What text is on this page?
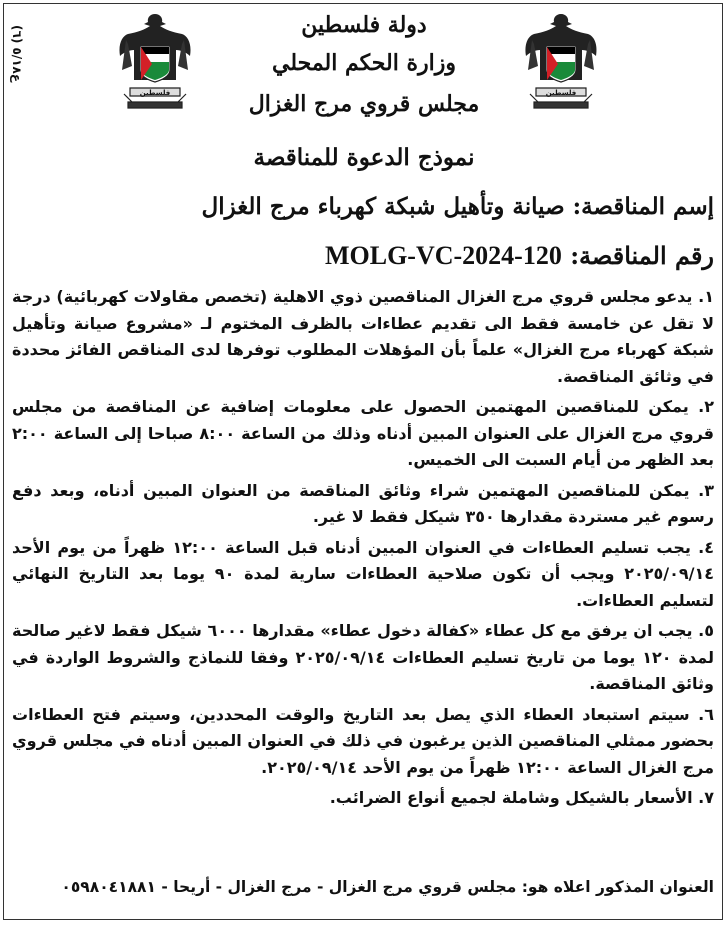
ع٥/١٨ (٦)
فلسطين	فلسطين
دولة فلسطين
وزارة الحكم المحلي
مجلس قروي مرج الغزال
نموذج الدعوة للمناقصة
إسم المناقصة: صيانة وتأهيل شبكة كهرباء مرج الغزال
رقم المناقصة: MOLG-VC-2024-120
١. يدعو مجلس قروي مرج الغزال المناقصين ذوي الاهلية (تخصص مقاولات كهربائية) درجة لا تقل عن خامسة فقط الى تقديم عطاءات بالظرف المختوم لـ «مشروع صيانة وتأهيل شبكة كهرباء مرج الغزال» علماً بأن المؤهلات المطلوب توفرها لدى المناقص الفائز محددة في وثائق المناقصة.
٢. يمكن للمناقصين المهتمين الحصول على معلومات إضافية عن المناقصة من مجلس قروي مرج الغزال على العنوان المبين أدناه وذلك من الساعة ٨:٠٠ صباحا إلى الساعة ٢:٠٠ بعد الظهر من أيام السبت الى الخميس.
٣. يمكن للمناقصين المهتمين شراء وثائق المناقصة من العنوان المبين أدناه، وبعد دفع رسوم غير مستردة مقدارها ٣٥٠ شيكل فقط لا غير.
٤. يجب تسليم العطاءات في العنوان المبين أدناه قبل الساعة ١٢:٠٠ ظهراً من يوم الأحد ٢٠٢٥/٠٩/١٤ ويجب أن تكون صلاحية العطاءات سارية لمدة ٩٠ يوما بعد التاريخ النهائي لتسليم العطاءات.
٥. يجب ان يرفق مع كل عطاء «كفالة دخول عطاء» مقدارها ٦٠٠٠ شيكل فقط لاغير صالحة لمدة ١٢٠ يوما من تاريخ تسليم العطاءات ٢٠٢٥/٠٩/١٤ وفقا للنماذج والشروط الواردة في وثائق المناقصة.
٦. سيتم استبعاد العطاء الذي يصل بعد التاريخ والوقت المحددين، وسيتم فتح العطاءات بحضور ممثلي المناقصين الذين يرغبون في ذلك في العنوان المبين أدناه في مجلس قروي مرج الغزال الساعة ١٢:٠٠ ظهراً من يوم الأحد ٢٠٢٥/٠٩/١٤.
٧. الأسعار بالشيكل وشاملة لجميع أنواع الضرائب.
العنوان المذكور اعلاه هو: مجلس قروي مرج الغزال - مرج الغزال - أريحا - ٠٥٩٨٠٤١٨٨١
